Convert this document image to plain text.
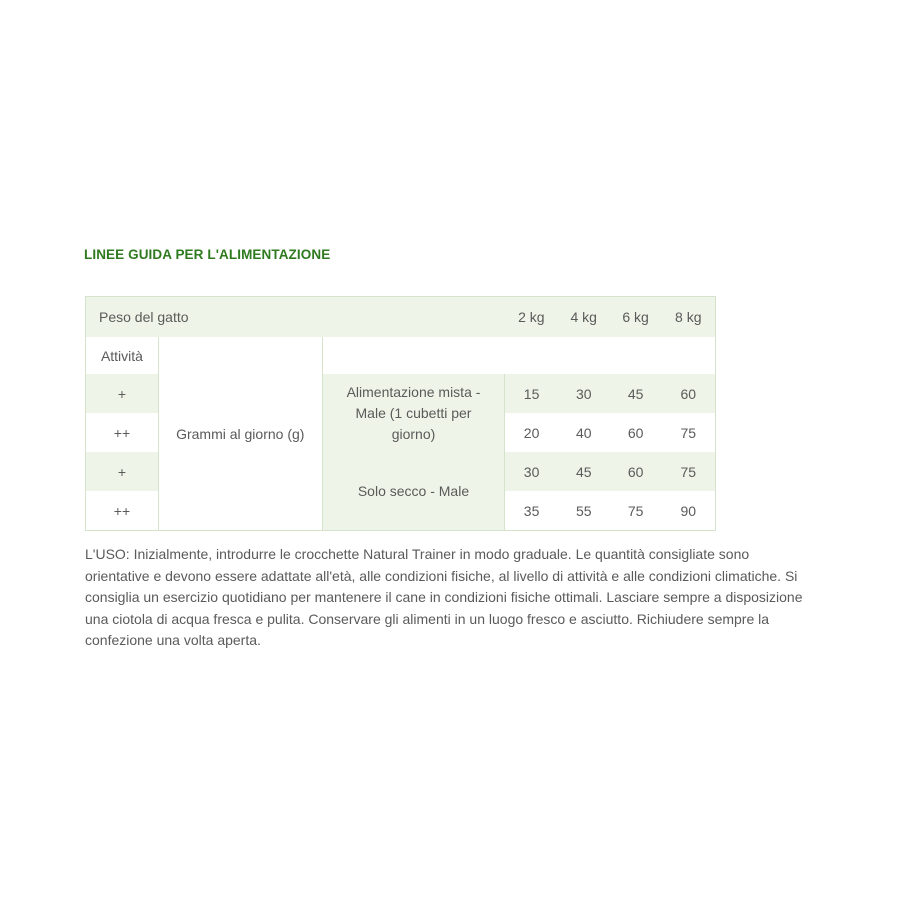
LINEE GUIDA PER L'ALIMENTAZIONE
Peso del gatto			2 kg	4 kg	6 kg	8 kg
Attività	Grammi al giorno (g)					
+		Alimentazione mista - Male (1 cubetti per giorno)	15	30	45	60
++			20	40	60	75
+		Solo secco - Male	30	45	60	75
++			35	55	75	90

L'USO: Inizialmente, introdurre le crocchette Natural Trainer in modo graduale. Le quantità consigliate sono orientative e devono essere adattate all'età, alle condizioni fisiche, al livello di attività e alle condizioni climatiche. Si consiglia un esercizio quotidiano per mantenere il cane in condizioni fisiche ottimali. Lasciare sempre a disposizione una ciotola di acqua fresca e pulita. Conservare gli alimenti in un luogo fresco e asciutto. Richiudere sempre la confezione una volta aperta.
